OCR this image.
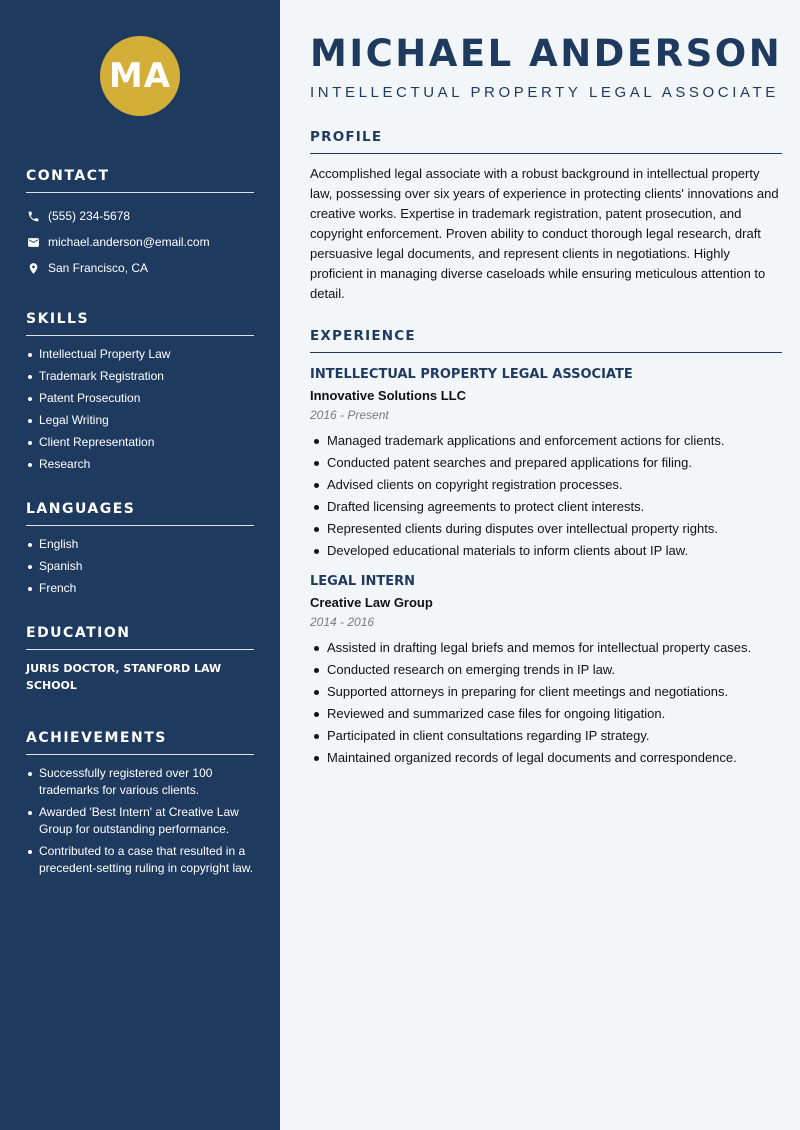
MA
CONTACT
(555) 234-5678
michael.anderson@email.com
San Francisco, CA
SKILLS
Intellectual Property Law
Trademark Registration
Patent Prosecution
Legal Writing
Client Representation
Research
LANGUAGES
English
Spanish
French
EDUCATION
JURIS DOCTOR, STANFORD LAW SCHOOL
ACHIEVEMENTS
Successfully registered over 100 trademarks for various clients.
Awarded 'Best Intern' at Creative Law Group for outstanding performance.
Contributed to a case that resulted in a precedent-setting ruling in copyright law.
MICHAEL ANDERSON
INTELLECTUAL PROPERTY LEGAL ASSOCIATE
PROFILE

Accomplished legal associate with a robust background in intellectual property law, possessing over six years of experience in protecting clients' innovations and creative works. Expertise in trademark registration, patent prosecution, and copyright enforcement. Proven ability to conduct thorough legal research, draft persuasive legal documents, and represent clients in negotiations. Highly proficient in managing diverse caseloads while ensuring meticulous attention to detail.

EXPERIENCE
INTELLECTUAL PROPERTY LEGAL ASSOCIATE
Innovative Solutions LLC
2016 - Present
Managed trademark applications and enforcement actions for clients.
Conducted patent searches and prepared applications for filing.
Advised clients on copyright registration processes.
Drafted licensing agreements to protect client interests.
Represented clients during disputes over intellectual property rights.
Developed educational materials to inform clients about IP law.
LEGAL INTERN
Creative Law Group
2014 - 2016
Assisted in drafting legal briefs and memos for intellectual property cases.
Conducted research on emerging trends in IP law.
Supported attorneys in preparing for client meetings and negotiations.
Reviewed and summarized case files for ongoing litigation.
Participated in client consultations regarding IP strategy.
Maintained organized records of legal documents and correspondence.
